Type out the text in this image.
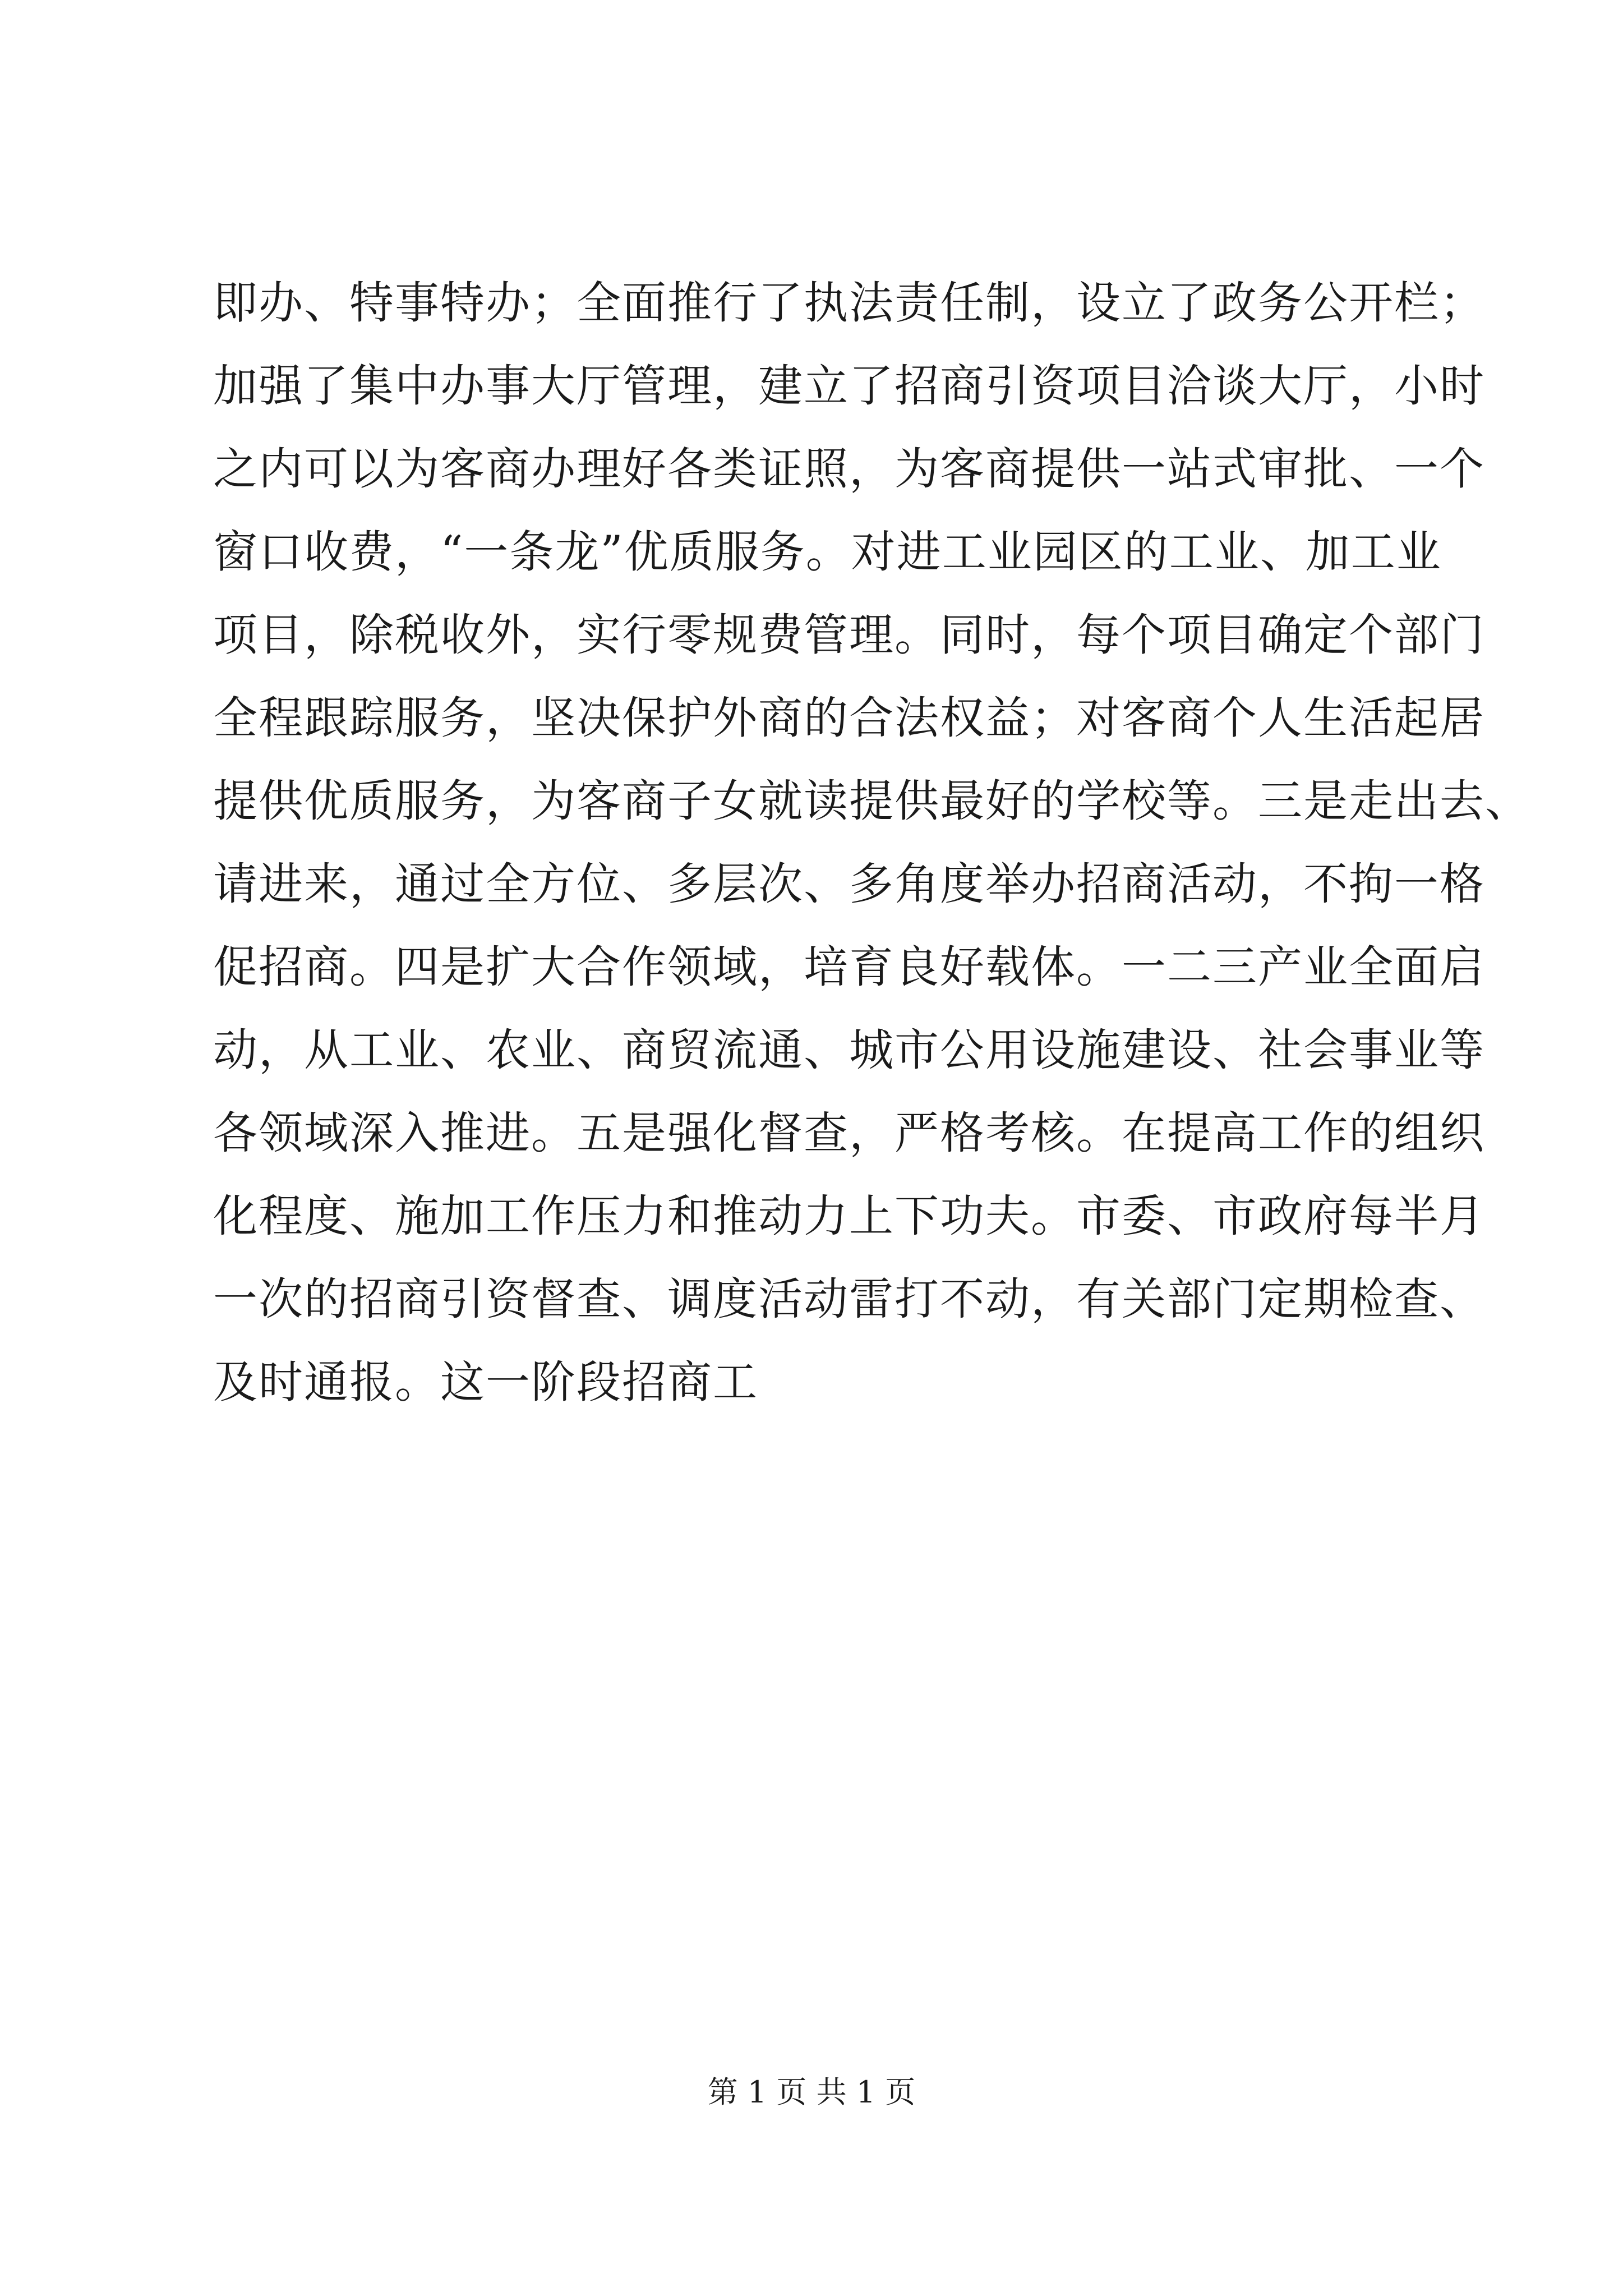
即办、特事特办；全面推行了执法责任制，设立了政务公开栏；
加强了集中办事大厅管理，建立了招商引资项目洽谈大厅，小时
之内可以为客商办理好各类证照，为客商提供一站式审批、一个
窗口收费，“一条龙”优质服务。对进工业园区的工业、加工业
项目，除税收外，实行零规费管理。同时，每个项目确定个部门
全程跟踪服务，坚决保护外商的合法权益；对客商个人生活起居
提供优质服务，为客商子女就读提供最好的学校等。三是走出去、
请进来，通过全方位、多层次、多角度举办招商活动，不拘一格
促招商。四是扩大合作领域，培育良好载体。一二三产业全面启
动，从工业、农业、商贸流通、城市公用设施建设、社会事业等
各领域深入推进。五是强化督查，严格考核。在提高工作的组织
化程度、施加工作压力和推动力上下功夫。市委、市政府每半月
一次的招商引资督查、调度活动雷打不动，有关部门定期检查、
及时通报。这一阶段招商工
第 1 页 共 1 页
